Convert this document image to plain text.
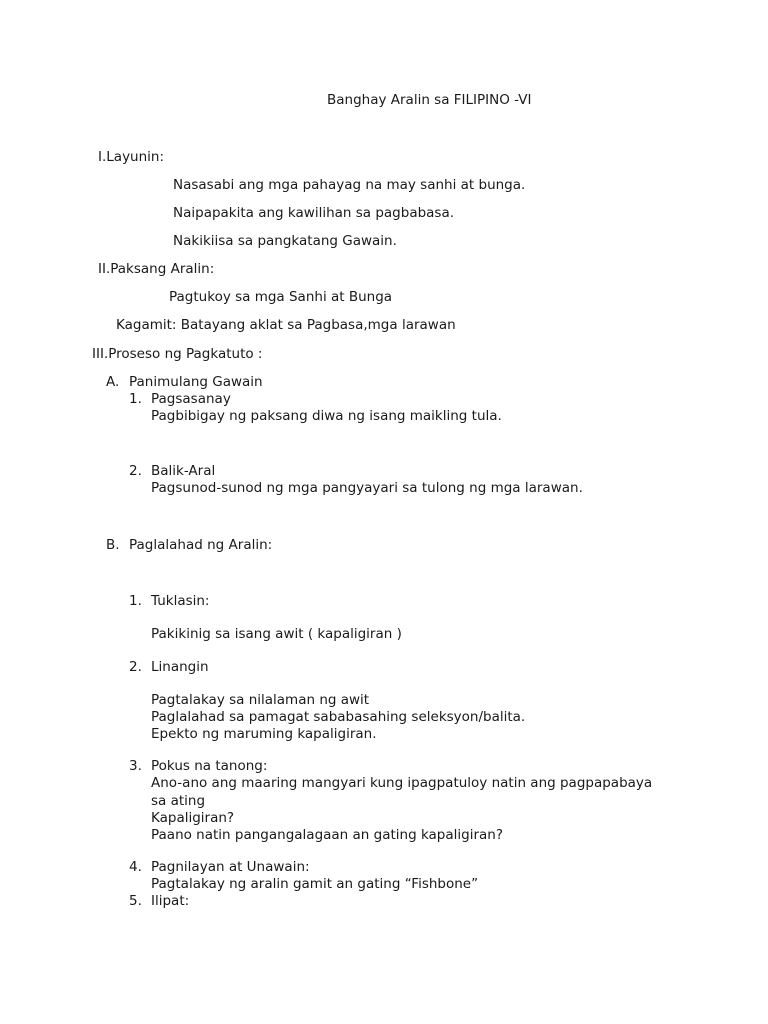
Banghay Aralin sa FILIPINO -VI
I.Layunin:
Nasasabi ang mga pahayag na may sanhi at bunga.
Naipapakita ang kawilihan sa pagbabasa.
Nakikiisa sa pangkatang Gawain.
II.Paksang Aralin:
Pagtukoy sa mga Sanhi at Bunga
Kagamit: Batayang aklat sa Pagbasa,mga larawan
III.Proseso ng Pagkatuto :
A. Panimulang Gawain
1. Pagsasanay
Pagbibigay ng paksang diwa ng isang maikling tula.
2. Balik-Aral
Pagsunod-sunod ng mga pangyayari sa tulong ng mga larawan.
B. Paglalahad ng Aralin:
1. Tuklasin:
Pakikinig sa isang awit ( kapaligiran )
2. Linangin
Pagtalakay sa nilalaman ng awit
Paglalahad sa pamagat sababasahing seleksyon/balita.
Epekto ng maruming kapaligiran.
3. Pokus na tanong:
Ano-ano ang maaring mangyari kung ipagpatuloy natin ang pagpapabaya
sa ating
Kapaligiran?
Paano natin pangangalagaan an gating kapaligiran?
4. Pagnilayan at Unawain:
Pagtalakay ng aralin gamit an gating “Fishbone”
5. Ilipat:
